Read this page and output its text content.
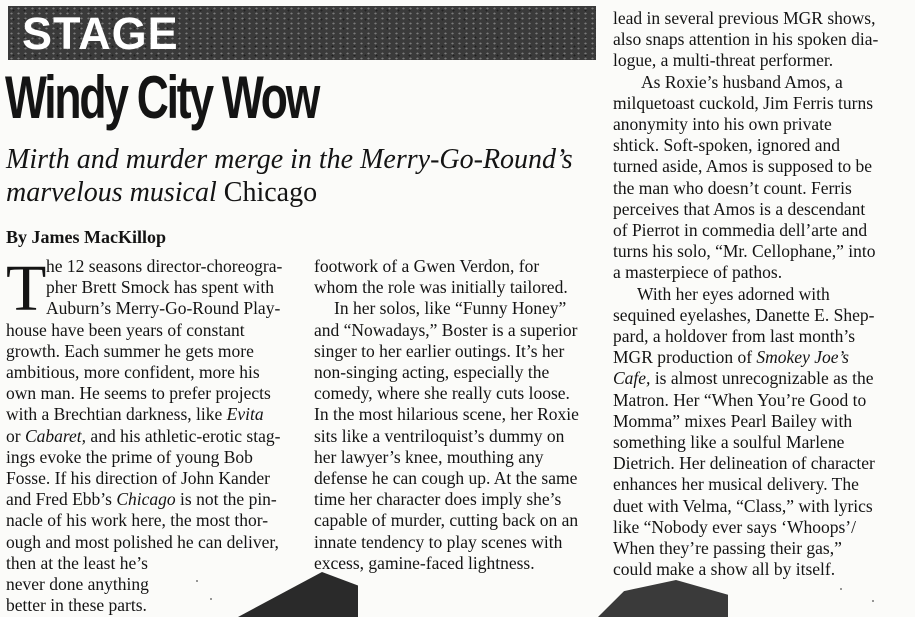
STAGE
Windy City Wow
Mirth and murder merge in the Merry-Go-Round’s marvelous musical Chicago
By James MacKillop
T he 12 seasons director-choreogra-
pher Brett Smock has spent with
Auburn’s Merry-Go-Round Play-
house have been years of constant
growth. Each summer he gets more
ambitious, more confident, more his
own man. He seems to prefer projects
with a Brechtian darkness, like Evita
or Cabaret, and his athletic-erotic stag-
ings evoke the prime of young Bob
Fosse. If his direction of John Kander
and Fred Ebb’s Chicago is not the pin-
nacle of his work here, the most thor-
ough and most polished he can deliver,
then at the least he’s
never done anything
better in these parts.
footwork of a Gwen Verdon, for
whom the role was initially tailored.
In her solos, like “Funny Honey”
and “Nowadays,” Boster is a superior
singer to her earlier outings. It’s her
non-singing acting, especially the
comedy, where she really cuts loose.
In the most hilarious scene, her Roxie
sits like a ventriloquist’s dummy on
her lawyer’s knee, mouthing any
defense he can cough up. At the same
time her character does imply she’s
capable of murder, cutting back on an
innate tendency to play scenes with
excess, gamine-faced lightness.
lead in several previous MGR shows,
also snaps attention in his spoken dia-
logue, a multi-threat performer.
As Roxie’s husband Amos, a
milquetoast cuckold, Jim Ferris turns
anonymity into his own private
shtick. Soft-spoken, ignored and
turned aside, Amos is supposed to be
the man who doesn’t count. Ferris
perceives that Amos is a descendant
of Pierrot in commedia dell’arte and
turns his solo, “Mr. Cellophane,” into
a masterpiece of pathos.
With her eyes adorned with
sequined eyelashes, Danette E. Shep-
pard, a holdover from last month’s
MGR production of Smokey Joe’s
Cafe, is almost unrecognizable as the
Matron. Her “When You’re Good to
Momma” mixes Pearl Bailey with
something like a soulful Marlene
Dietrich. Her delineation of character
enhances her musical delivery. The
duet with Velma, “Class,” with lyrics
like “Nobody ever says ‘Whoops’/
When they’re passing their gas,”
could make a show all by itself.
